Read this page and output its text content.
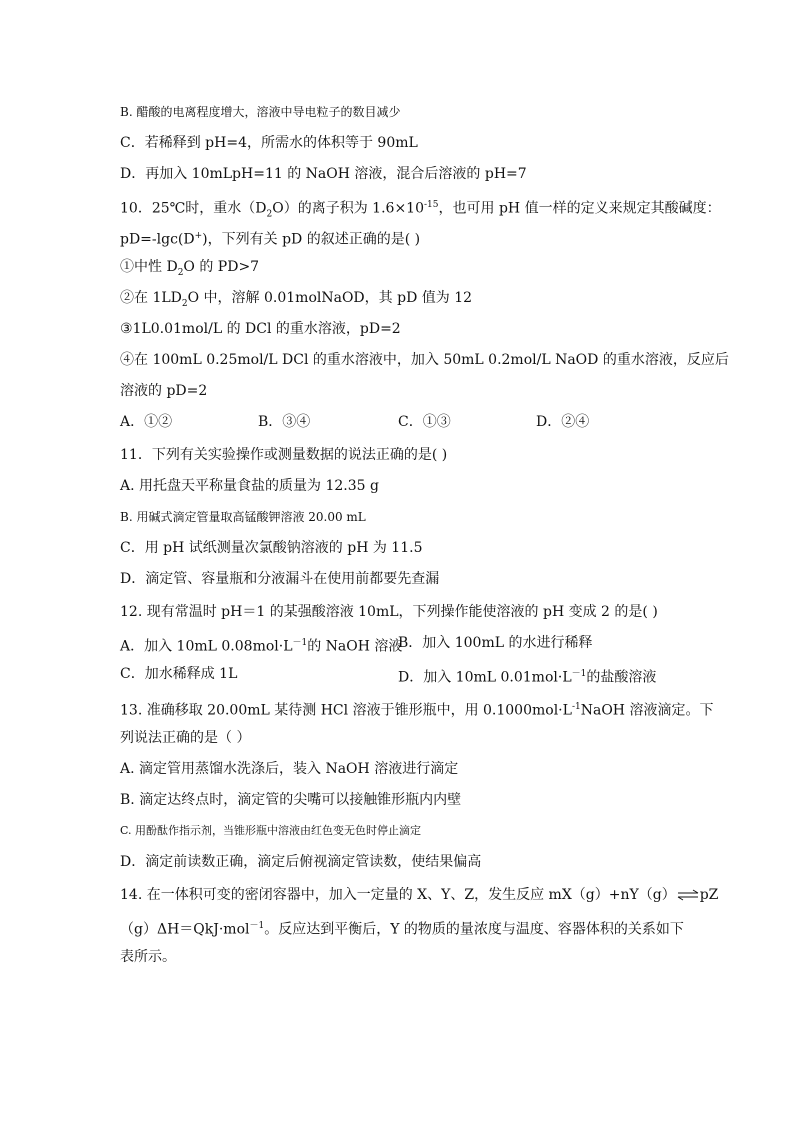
B. 醋酸的电离程度增大，溶液中导电粒子的数目减少
C．若稀释到 pH=4，所需水的体积等于 90mL
D．再加入 10mLpH=11 的 NaOH 溶液，混合后溶液的 pH=7
10．25℃时，重水$(D_2O)$的离子积为 $1.6\times 10^{-15}$，也可用 pH 值一样的定义来规定其酸碱度：
pD=-lgc(D+)，下列有关 pD 的叙述正确的是( )
①中性 $D_2O$ 的 PD>7
②在 $1LD_2O$ 中，溶解 0.01molNaOD，其 pD 值为 12
③1L0.01mol/L 的 DCl 的重水溶液，pD=2
④在 100mL 0.25mol/L DCl 的重水溶液中，加入 50mL 0.2mol/L NaOD 的重水溶液，反应后
溶液的 pD=2
A．①②	B．③④	C．①③	D．②④
11．下列有关实验操作或测量数据的说法正确的是( )
A. 用托盘天平称量食盐的质量为 12.35 g
B. 用碱式滴定管量取高锰酸钾溶液 20.00 mL
C．用 pH 试纸测量次氯酸钠溶液的 pH 为 11.5
D．滴定管、容量瓶和分液漏斗在使用前都要先查漏
12. 现有常温时 pH＝1 的某强酸溶液 10mL，下列操作能使溶液的 pH 变成 2 的是( )
A．加入 10mL $0.08mol\cdot L^{-1}$的 NaOH 溶液
B．加入 100mL 的水进行稀释
C．加水稀释成 1L	D．加入 10mL $0.01mol\cdot L^{-1}$的盐酸溶液
13. 准确移取 20.00mL 某待测 HCl 溶液于锥形瓶中，用 $0.1000mol\cdot L^{-1}NaOH$ 溶液滴定。下
列说法正确的是（ ）
A. 滴定管用蒸馏水洗涤后，装入 NaOH 溶液进行滴定
B. 滴定达终点时，滴定管的尖嘴可以接触锥形瓶内内壁
C. 用酚酞作指示剂，当锥形瓶中溶液由红色变无色时停止滴定
D．滴定前读数正确，滴定后俯视滴定管读数，使结果偏高
14. 在一体积可变的密闭容器中，加入一定量的 X、Y、Z，发生反应 mX（g）+nY（g）⇌pZ
（g）ΔH＝QkJ·mol$^{-1}$。反应达到平衡后，Y 的物质的量浓度与温度、容器体积的关系如下
表所示。
